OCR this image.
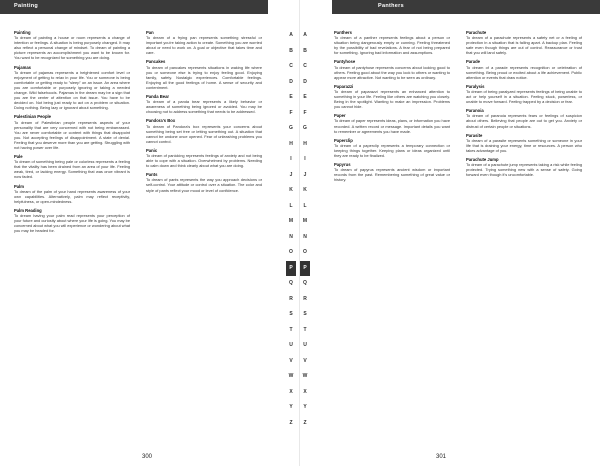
Painting
Painting
To dream of painting a house or room represents a change of intention or feelings. A situation is being purposely changed. It may also reflect a personal change of mindset. To dream of painting a picture represents an accomplishment you want to be known for. You want to be recognized for something you are doing.
Pajamas
To dream of pajamas represents a heightened comfort level or enjoyment of getting to relax in your life. You or someone is being comfortable or getting ready to "sleep" on an issue. An area where you are comfortable or purposely ignoring or taking a needed change. Wild falsehoods. Pajamas in the dream may be a sign that you are the center of attention on that issue. You have to be decided on. Not being just ready to act on a problem or situation. Doing nothing. Being lazy or ignorant about something.
Palestinian People
To dream of Palestinian people represents aspects of your personality that are very concerned with not being embarrassed. You are never comfortable or content with things that disappoint you. Not accepting feelings of disappointment. A state of denial. Feeling that you deserve more than you are getting. Struggling with not having power over life.
Pale
To dream of something being pale or colorless represents a feeling that the vitality has been drained from an area of your life. Feeling weak, tired, or lacking energy. Something that was once vibrant is now faded.
Palm
To dream of the palm of your hand represents awareness of your own capabilities. Alternatively, palm may reflect receptivity, helpfulness, or open-mindedness.
Palm Reading
To dream having your palm read represents your perception of your future and curiosity about where your life is going. You may be concerned about what you will experience or wondering about what you may be headed for.
Pan
To dream of a frying pan represents something stressful or important you're taking action to create. Something you are worried about or need to work on. A goal or objective that takes time and care.
Pancakes
To dream of pancakes represents situations in waking life where you or someone else is trying to enjoy feeling good. Enjoying family, safety. Nostalgic experiences. Comfortable feelings. Enjoying all the good feelings of home. A sense of security and contentment.
Panda Bear
To dream of a panda bear represents a likely behavior or awareness of something being ignored or avoided. You may be choosing not to address something that needs to be addressed.
Pandora's Box
To dream of Pandora's box represents your concerns about something being set free or letting something out. A situation that cannot be undone once opened. Fear of unleashing problems you cannot control.
Panic
To dream of panicking represents feelings of anxiety and not being able to cope with a situation. Overwhelmed by problems. Needing to calm down and think clearly about what you are doing.
Pants
To dream of pants represents the way you approach decisions or self-control. Your attitude or control over a situation. The color and style of pants reflect your mood or level of confidence.
A
B
C
D
E
F
G
H
I
J
K
L
M
N
O
P
Q
R
S
T
U
V
W
X
Y
Z
300
Panthers
A
B
C
D
E
F
G
H
I
J
K
L
M
N
O
P
Q
R
S
T
U
V
W
X
Y
Z
Panthers
To dream of a panther represents feelings about a person or situation being dangerously empty or cunning. Feeling threatened by the possibility of bad revelations. A fear of not being prepared for something. Ignoring bad information and assumptions.
Pantyhose
To dream of pantyhose represents concerns about looking good to others. Feeling good about the way you look to others or wanting to appear more attractive. Not wanting to be seen as ordinary.
Paparazzi
To dream of paparazzi represents an enhanced attention to something in your life. Feeling like others are watching you closely. Being in the spotlight. Wanting to make an impression. Problems you cannot hide.
Paper
To dream of paper represents ideas, plans, or information you have recorded. A written record or message. Important details you want to remember or agreements you have made.
Paperclip
To dream of a paperclip represents a temporary connection or keeping things together. Keeping plans or ideas organized until they are ready to be finalized.
Papyrus
To dream of papyrus represents ancient wisdom or important records from the past. Remembering something of great value or history.
Parachute
To dream of a parachute represents a safety net or a feeling of protection in a situation that is falling apart. A backup plan. Feeling safe even though things are out of control. Reassurance or trust that you will land safely.
Parade
To dream of a parade represents recognition or celebration of something. Being proud or excited about a life achievement. Public attention or events that draw notice.
Paralysis
To dream of being paralyzed represents feelings of being unable to act or help yourself in a situation. Feeling stuck, powerless, or unable to move forward. Feeling trapped by a decision or fear.
Paranoia
To dream of paranoia represents fears or feelings of suspicion about others. Believing that people are out to get you. Anxiety or distrust of certain people or situations.
Parasite
To dream of a parasite represents something or someone in your life that is draining your energy, time or resources. A person who takes advantage of you.
Parachute Jump
To dream of a parachute jump represents taking a risk while feeling protected. Trying something new with a sense of safety. Going forward even though it's uncomfortable.
301
